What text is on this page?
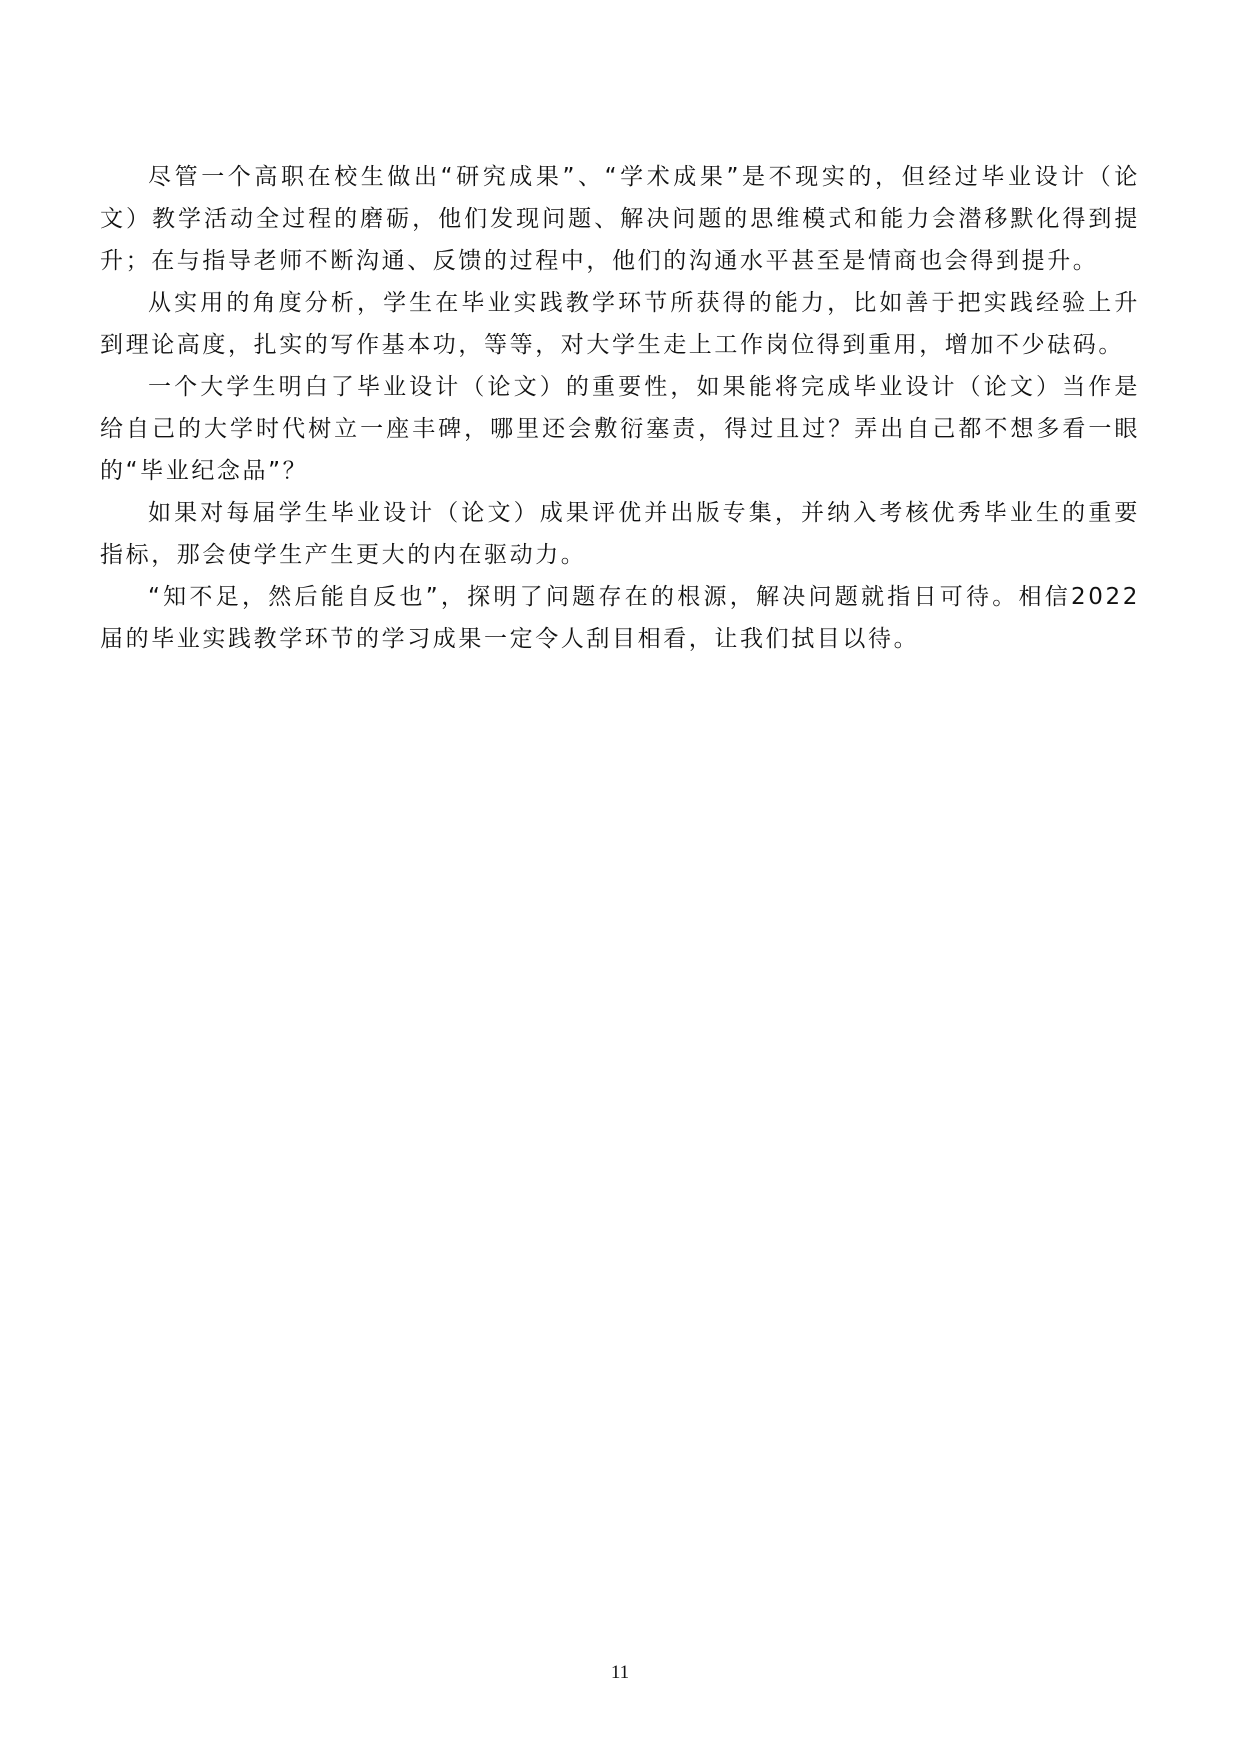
尽管一个高职在校生做出“研究成果”、“学术成果”是不现实的，但经过毕业设计（论文）教学活动全过程的磨砺，他们发现问题、解决问题的思维模式和能力会潜移默化得到提升；在与指导老师不断沟通、反馈的过程中，他们的沟通水平甚至是情商也会得到提升。

从实用的角度分析，学生在毕业实践教学环节所获得的能力，比如善于把实践经验上升到理论高度，扎实的写作基本功，等等，对大学生走上工作岗位得到重用，增加不少砝码。

一个大学生明白了毕业设计（论文）的重要性，如果能将完成毕业设计（论文）当作是给自己的大学时代树立一座丰碑，哪里还会敷衍塞责，得过且过？弄出自己都不想多看一眼的“毕业纪念品”？

如果对每届学生毕业设计（论文）成果评优并出版专集，并纳入考核优秀毕业生的重要指标，那会使学生产生更大的内在驱动力。

“知不足，然后能自反也”，探明了问题存在的根源，解决问题就指日可待。相信2022届的毕业实践教学环节的学习成果一定令人刮目相看，让我们拭目以待。

11
